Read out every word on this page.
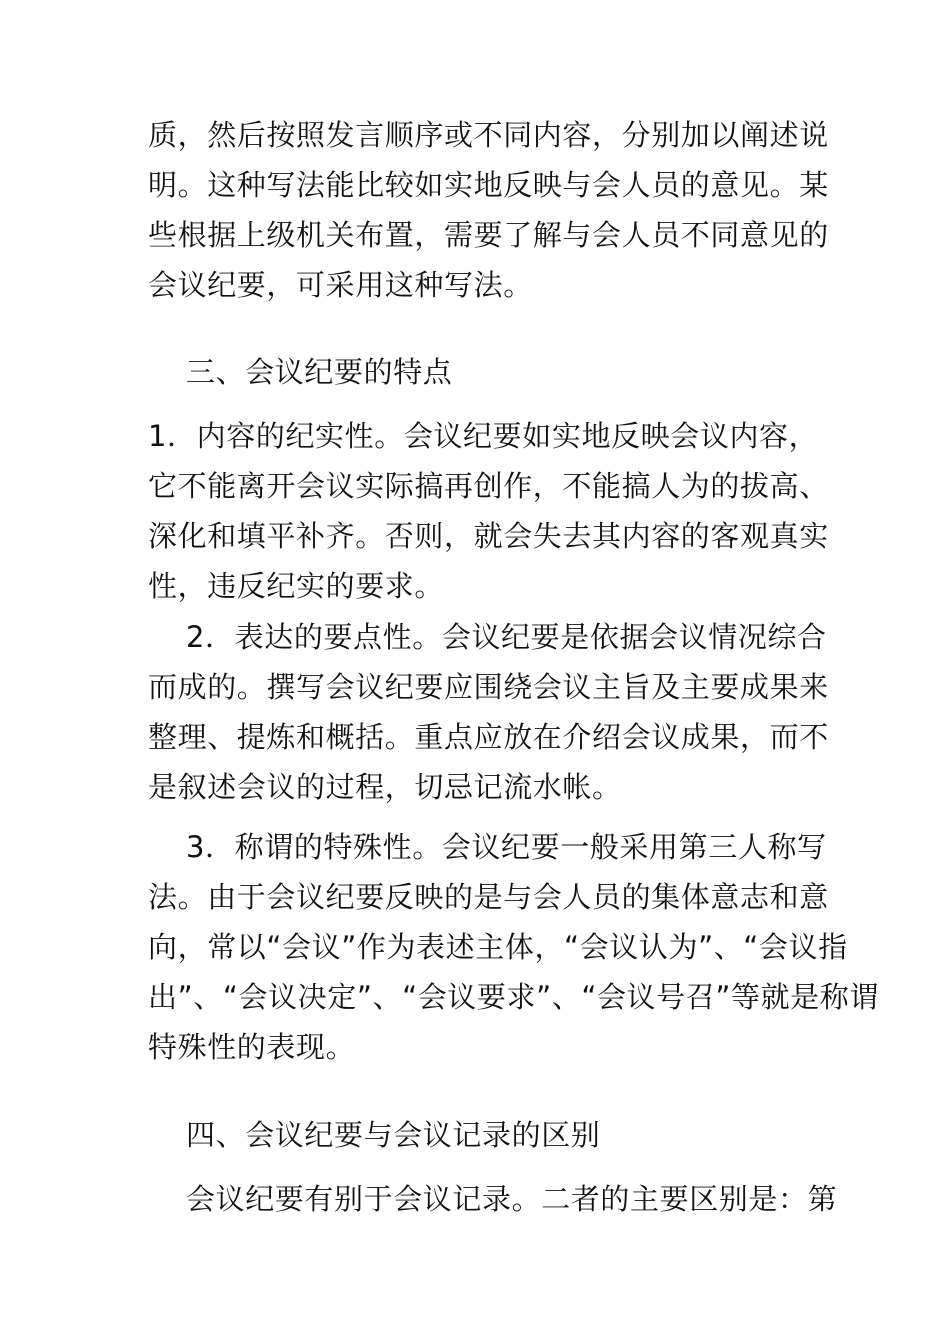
质，然后按照发言顺序或不同内容，分别加以阐述说
明。这种写法能比较如实地反映与会人员的意见。某
些根据上级机关布置，需要了解与会人员不同意见的
会议纪要，可采用这种写法。
三、会议纪要的特点
1．内容的纪实性。会议纪要如实地反映会议内容，
它不能离开会议实际搞再创作，不能搞人为的拔高、
深化和填平补齐。否则，就会失去其内容的客观真实
性，违反纪实的要求。
2．表达的要点性。会议纪要是依据会议情况综合
而成的。撰写会议纪要应围绕会议主旨及主要成果来
整理、提炼和概括。重点应放在介绍会议成果，而不
是叙述会议的过程，切忌记流水帐。
3．称谓的特殊性。会议纪要一般采用第三人称写
法。由于会议纪要反映的是与会人员的集体意志和意
向，常以“会议”作为表述主体，“会议认为”、“会议指
出”、“会议决定”、“会议要求”、“会议号召”等就是称谓
特殊性的表现。
四、会议纪要与会议记录的区别
会议纪要有别于会议记录。二者的主要区别是：第
